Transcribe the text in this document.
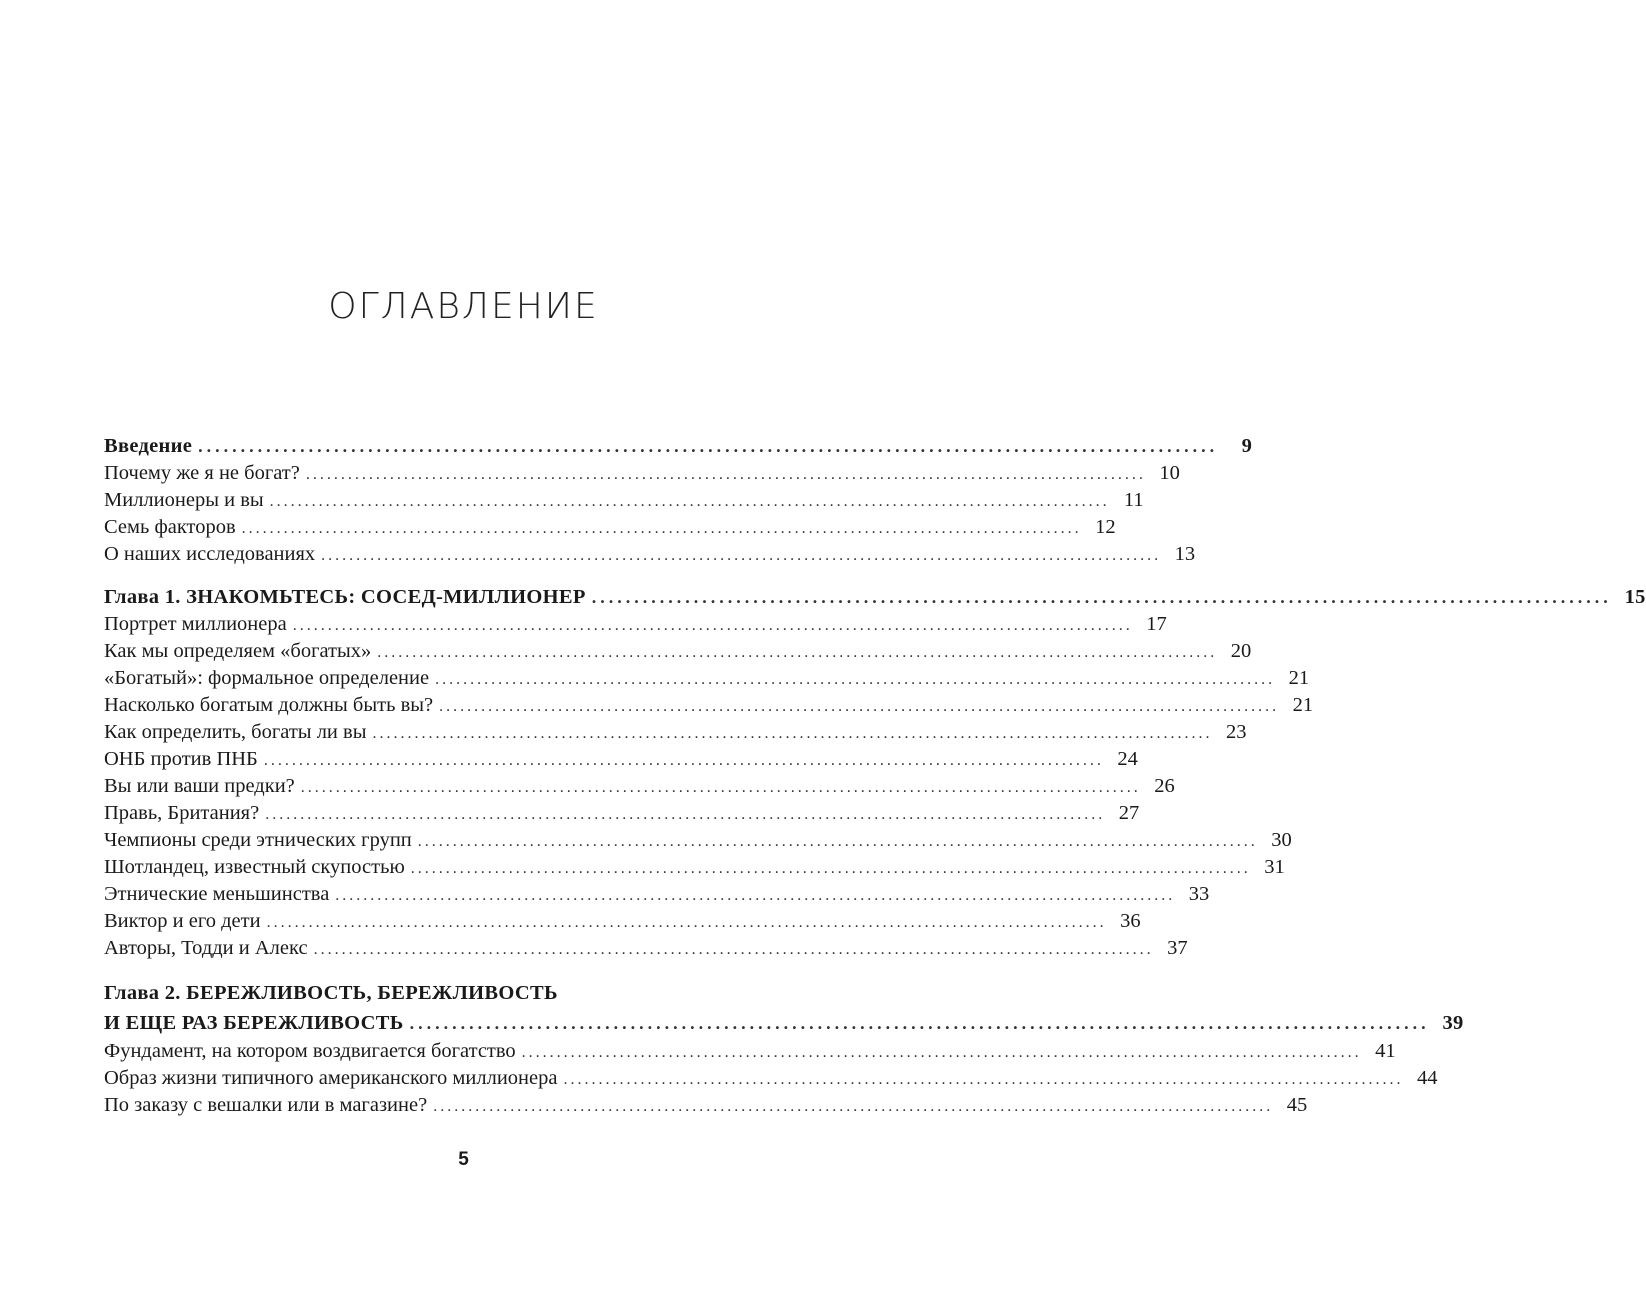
ОГЛАВЛЕНИЕ
Введение ........................................................................................................................	9
Почему же я не богат? ........................................................................................................................ 10
Миллионеры и вы ........................................................................................................................ 11
Семь факторов ........................................................................................................................ 12
О наших исследованиях ........................................................................................................................ 13
Глава 1. ЗНАКОМЬТЕСЬ: СОСЕД-МИЛЛИОНЕР ........................................................................................................................ 15
Портрет миллионера ........................................................................................................................ 17
Как мы определяем «богатых» ........................................................................................................................ 20
«Богатый»: формальное определение ........................................................................................................................ 21
Насколько богатым должны быть вы? ........................................................................................................................ 21
Как определить, богаты ли вы ........................................................................................................................ 23
ОНБ против ПНБ ........................................................................................................................ 24
Вы или ваши предки? ........................................................................................................................ 26
Правь, Британия? ........................................................................................................................ 27
Чемпионы среди этнических групп ........................................................................................................................ 30
Шотландец, известный скупостью ........................................................................................................................ 31
Этнические меньшинства ........................................................................................................................ 33
Виктор и его дети ........................................................................................................................ 36
Авторы, Тодди и Алекс ........................................................................................................................ 37
Глава 2. БЕРЕЖЛИВОСТЬ, БЕРЕЖЛИВОСТЬ
И ЕЩЕ РАЗ БЕРЕЖЛИВОСТЬ ........................................................................................................................ 39
Фундамент, на котором воздвигается богатство ........................................................................................................................ 41
Образ жизни типичного американского миллионера ........................................................................................................................ 44
По заказу с вешалки или в магазине? ........................................................................................................................ 45
5
